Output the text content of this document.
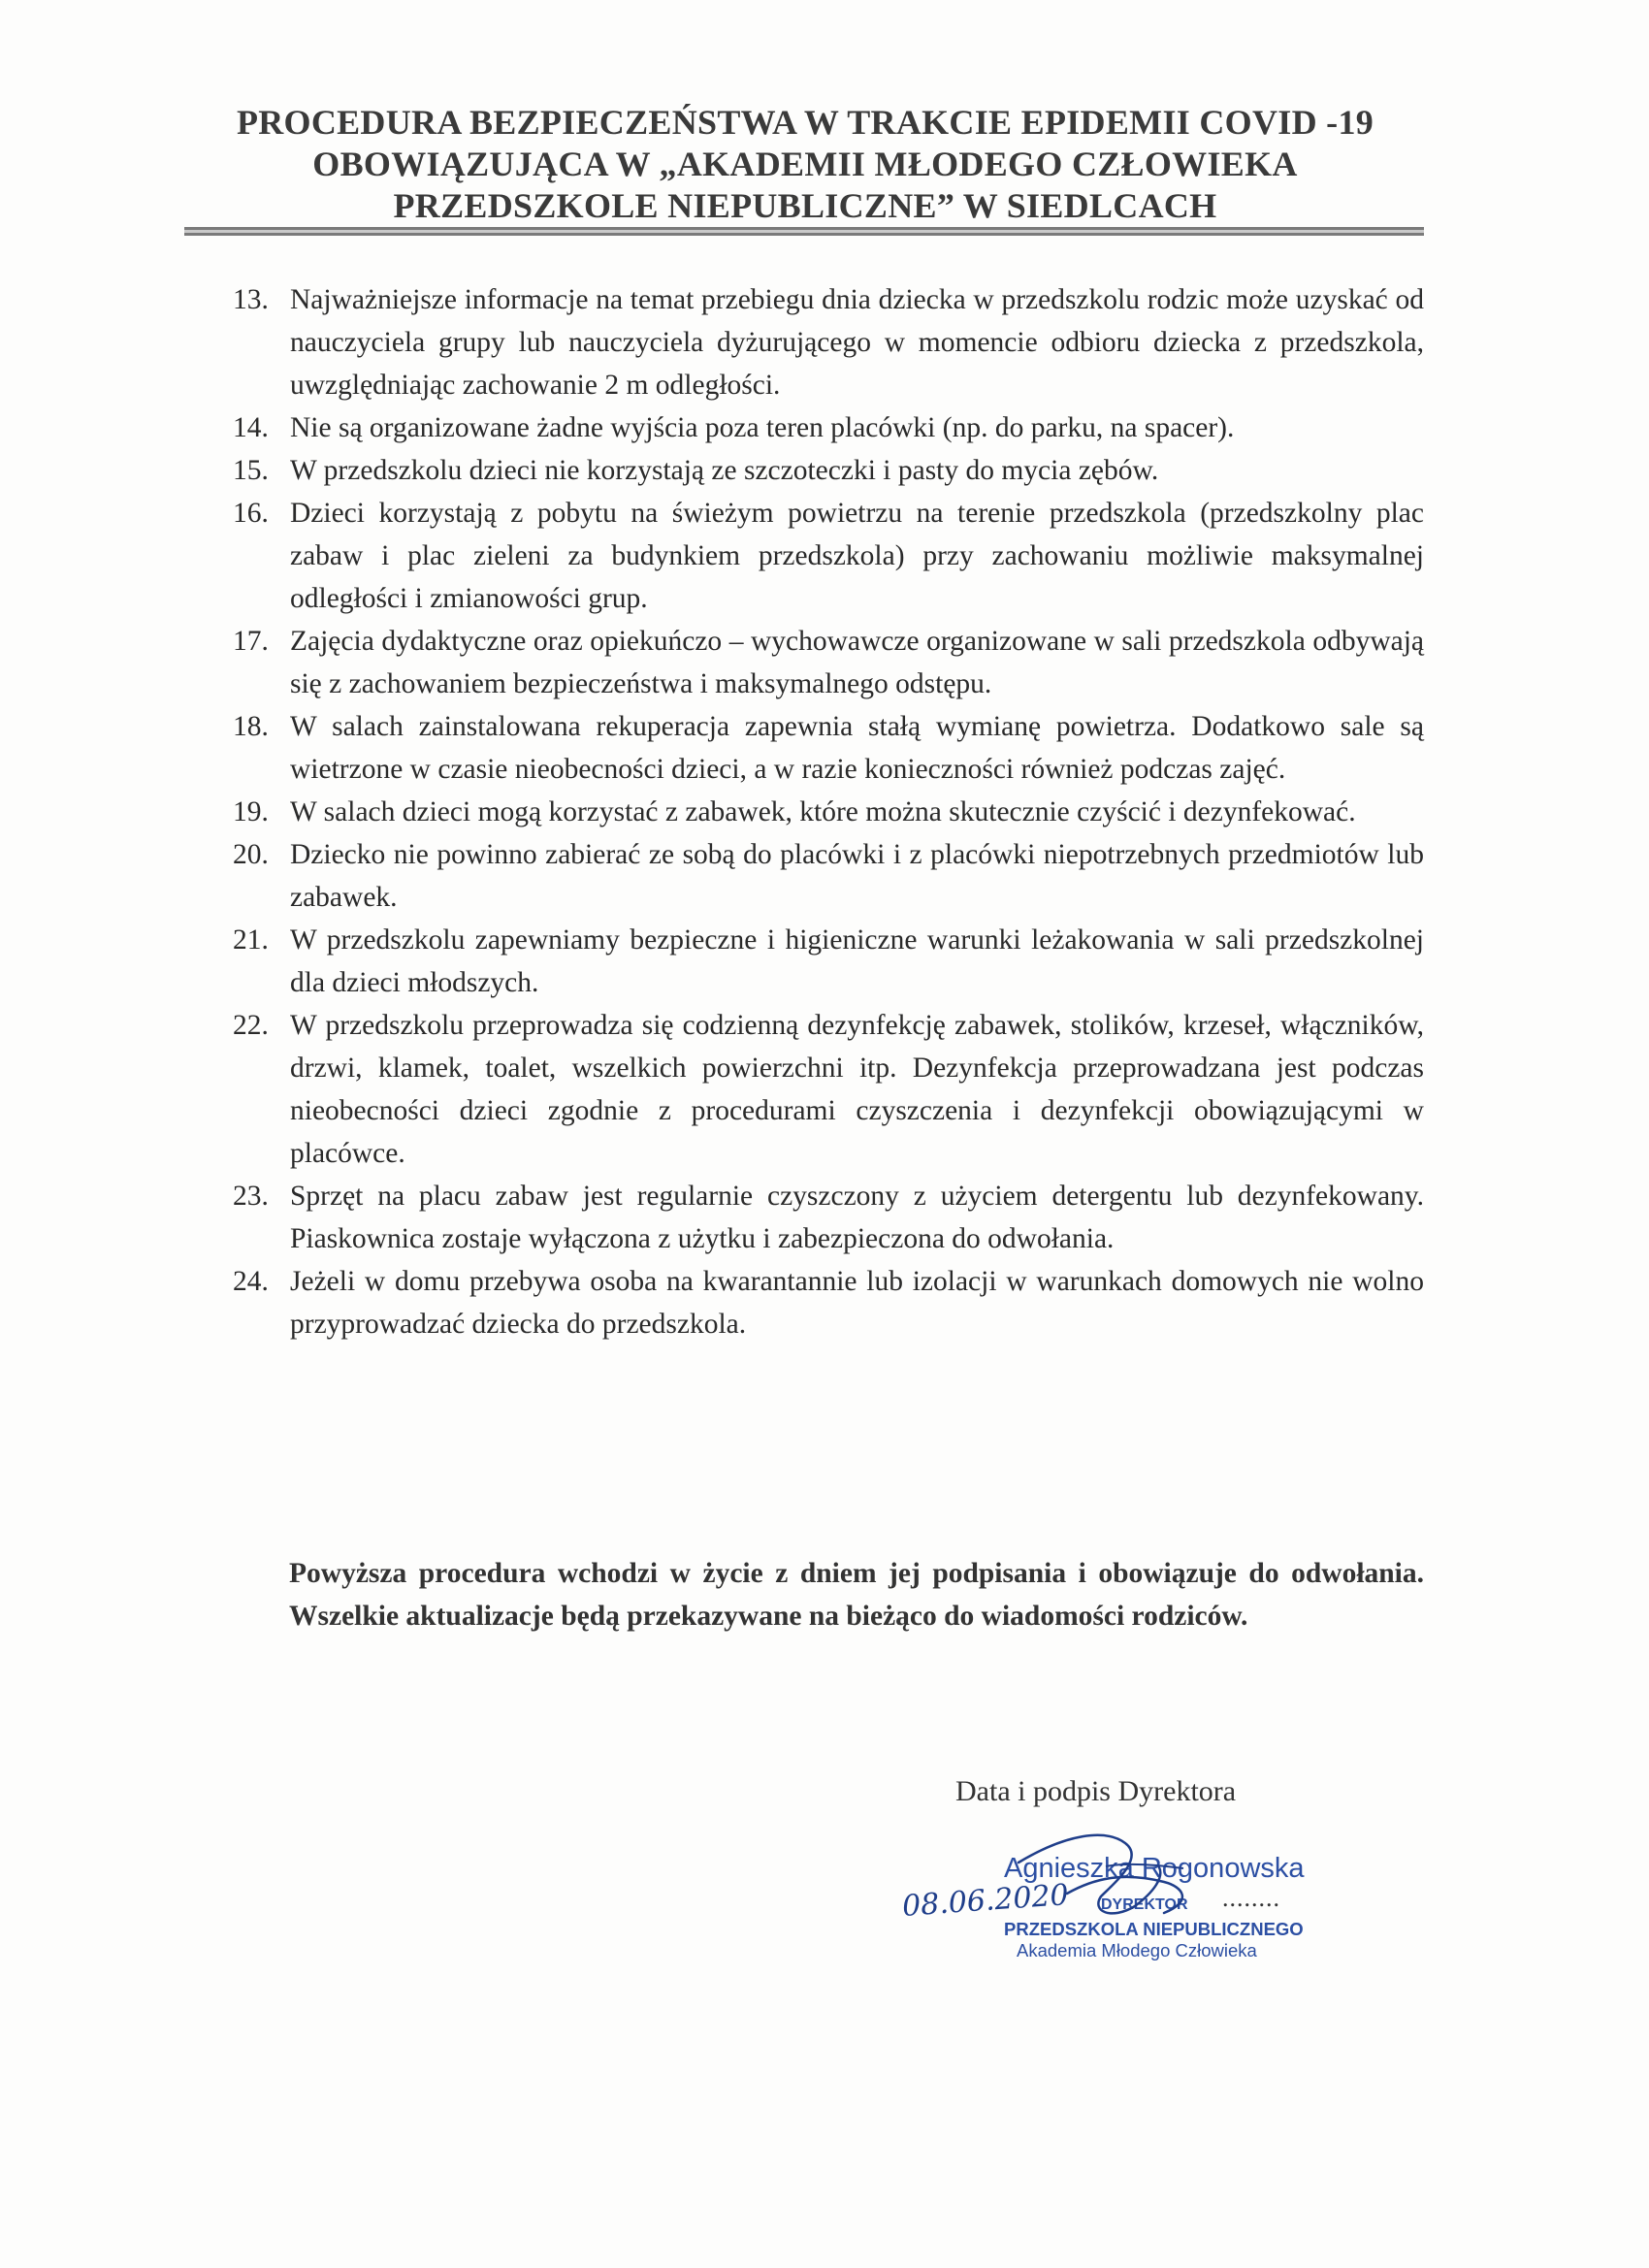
PROCEDURA BEZPIECZEŃSTWA W TRAKCIE EPIDEMII COVID -19
OBOWIĄZUJĄCA W „AKADEMII MŁODEGO CZŁOWIEKA
PRZEDSZKOLE NIEPUBLICZNE” W SIEDLCACH
13. Najważniejsze informacje na temat przebiegu dnia dziecka w przedszkolu rodzic może uzyskać od nauczyciela grupy lub nauczyciela dyżurującego w momencie odbioru dziecka z przedszkola, uwzględniając zachowanie 2 m odległości.
14. Nie są organizowane żadne wyjścia poza teren placówki (np. do parku, na spacer).
15. W przedszkolu dzieci nie korzystają ze szczoteczki i pasty do mycia zębów.
16. Dzieci korzystają z pobytu na świeżym powietrzu na terenie przedszkola (przedszkolny plac zabaw i plac zieleni za budynkiem przedszkola) przy zachowaniu możliwie maksymalnej odległości i zmianowości grup.
17. Zajęcia dydaktyczne oraz opiekuńczo – wychowawcze organizowane w sali przedszkola odbywają się z zachowaniem bezpieczeństwa i maksymalnego odstępu.
18. W salach zainstalowana rekuperacja zapewnia stałą wymianę powietrza. Dodatkowo sale są wietrzone w czasie nieobecności dzieci, a w razie konieczności również podczas zajęć.
19. W salach dzieci mogą korzystać z zabawek, które można skutecznie czyścić i dezynfekować.
20. Dziecko nie powinno zabierać ze sobą do placówki i z placówki niepotrzebnych przedmiotów lub zabawek.
21. W przedszkolu zapewniamy bezpieczne i higieniczne warunki leżakowania w sali przedszkolnej dla dzieci młodszych.
22. W przedszkolu przeprowadza się codzienną dezynfekcję zabawek, stolików, krzeseł, włączników, drzwi, klamek, toalet, wszelkich powierzchni itp. Dezynfekcja przeprowadzana jest podczas nieobecności dzieci zgodnie z procedurami czyszczenia i dezynfekcji obowiązującymi w placówce.
23. Sprzęt na placu zabaw jest regularnie czyszczony z użyciem detergentu lub dezynfekowany. Piaskownica zostaje wyłączona z użytku i zabezpieczona do odwołania.
24. Jeżeli w domu przebywa osoba na kwarantannie lub izolacji w warunkach domowych nie wolno przyprowadzać dziecka do przedszkola.
Powyższa procedura wchodzi w życie z dniem jej podpisania i obowiązuje do odwołania. Wszelkie aktualizacje będą przekazywane na bieżąco do wiadomości rodziców.
Data i podpis Dyrektora
Agnieszka Rogonowska
08.06.2020	........
DYREKTOR
PRZEDSZKOLA NIEPUBLICZNEGO
Akademia Młodego Człowieka
